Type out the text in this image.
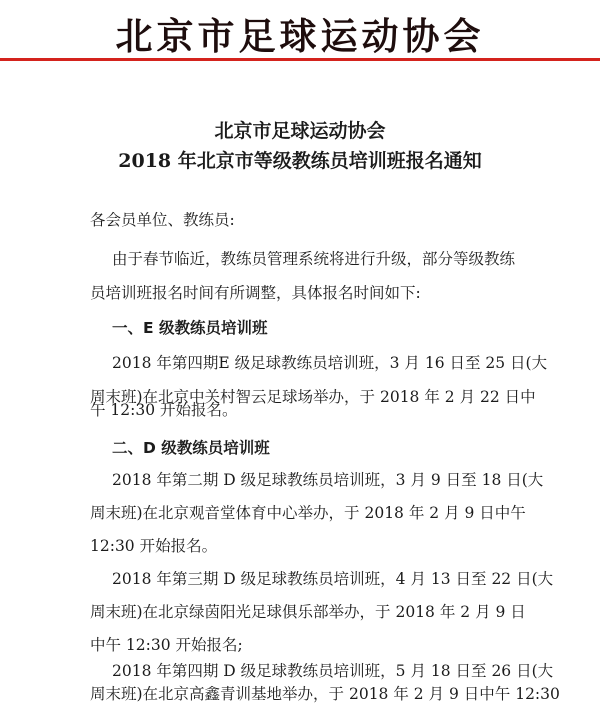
北京市足球运动协会
北京市足球运动协会
2018 年北京市等级教练员培训班报名通知
各会员单位、教练员:
由于春节临近，教练员管理系统将进行升级，部分等级教练
员培训班报名时间有所调整，具体报名时间如下:
一、E 级教练员培训班
2018 年第四期E 级足球教练员培训班，3 月 16 日至 25 日(大
周末班)在北京中关村智云足球场举办，于 2018 年 2 月 22 日中
午 12:30 开始报名。
二、D 级教练员培训班
2018 年第二期 D 级足球教练员培训班，3 月 9 日至 18 日(大
周末班)在北京观音堂体育中心举办，于 2018 年 2 月 9 日中午
12:30 开始报名。
2018 年第三期 D 级足球教练员培训班，4 月 13 日至 22 日(大
周末班)在北京绿茵阳光足球俱乐部举办，于 2018 年 2 月 9 日
中午 12:30 开始报名;
2018 年第四期 D 级足球教练员培训班，5 月 18 日至 26 日(大
周末班)在北京高鑫青训基地举办，于 2018 年 2 月 9 日中午 12:30
